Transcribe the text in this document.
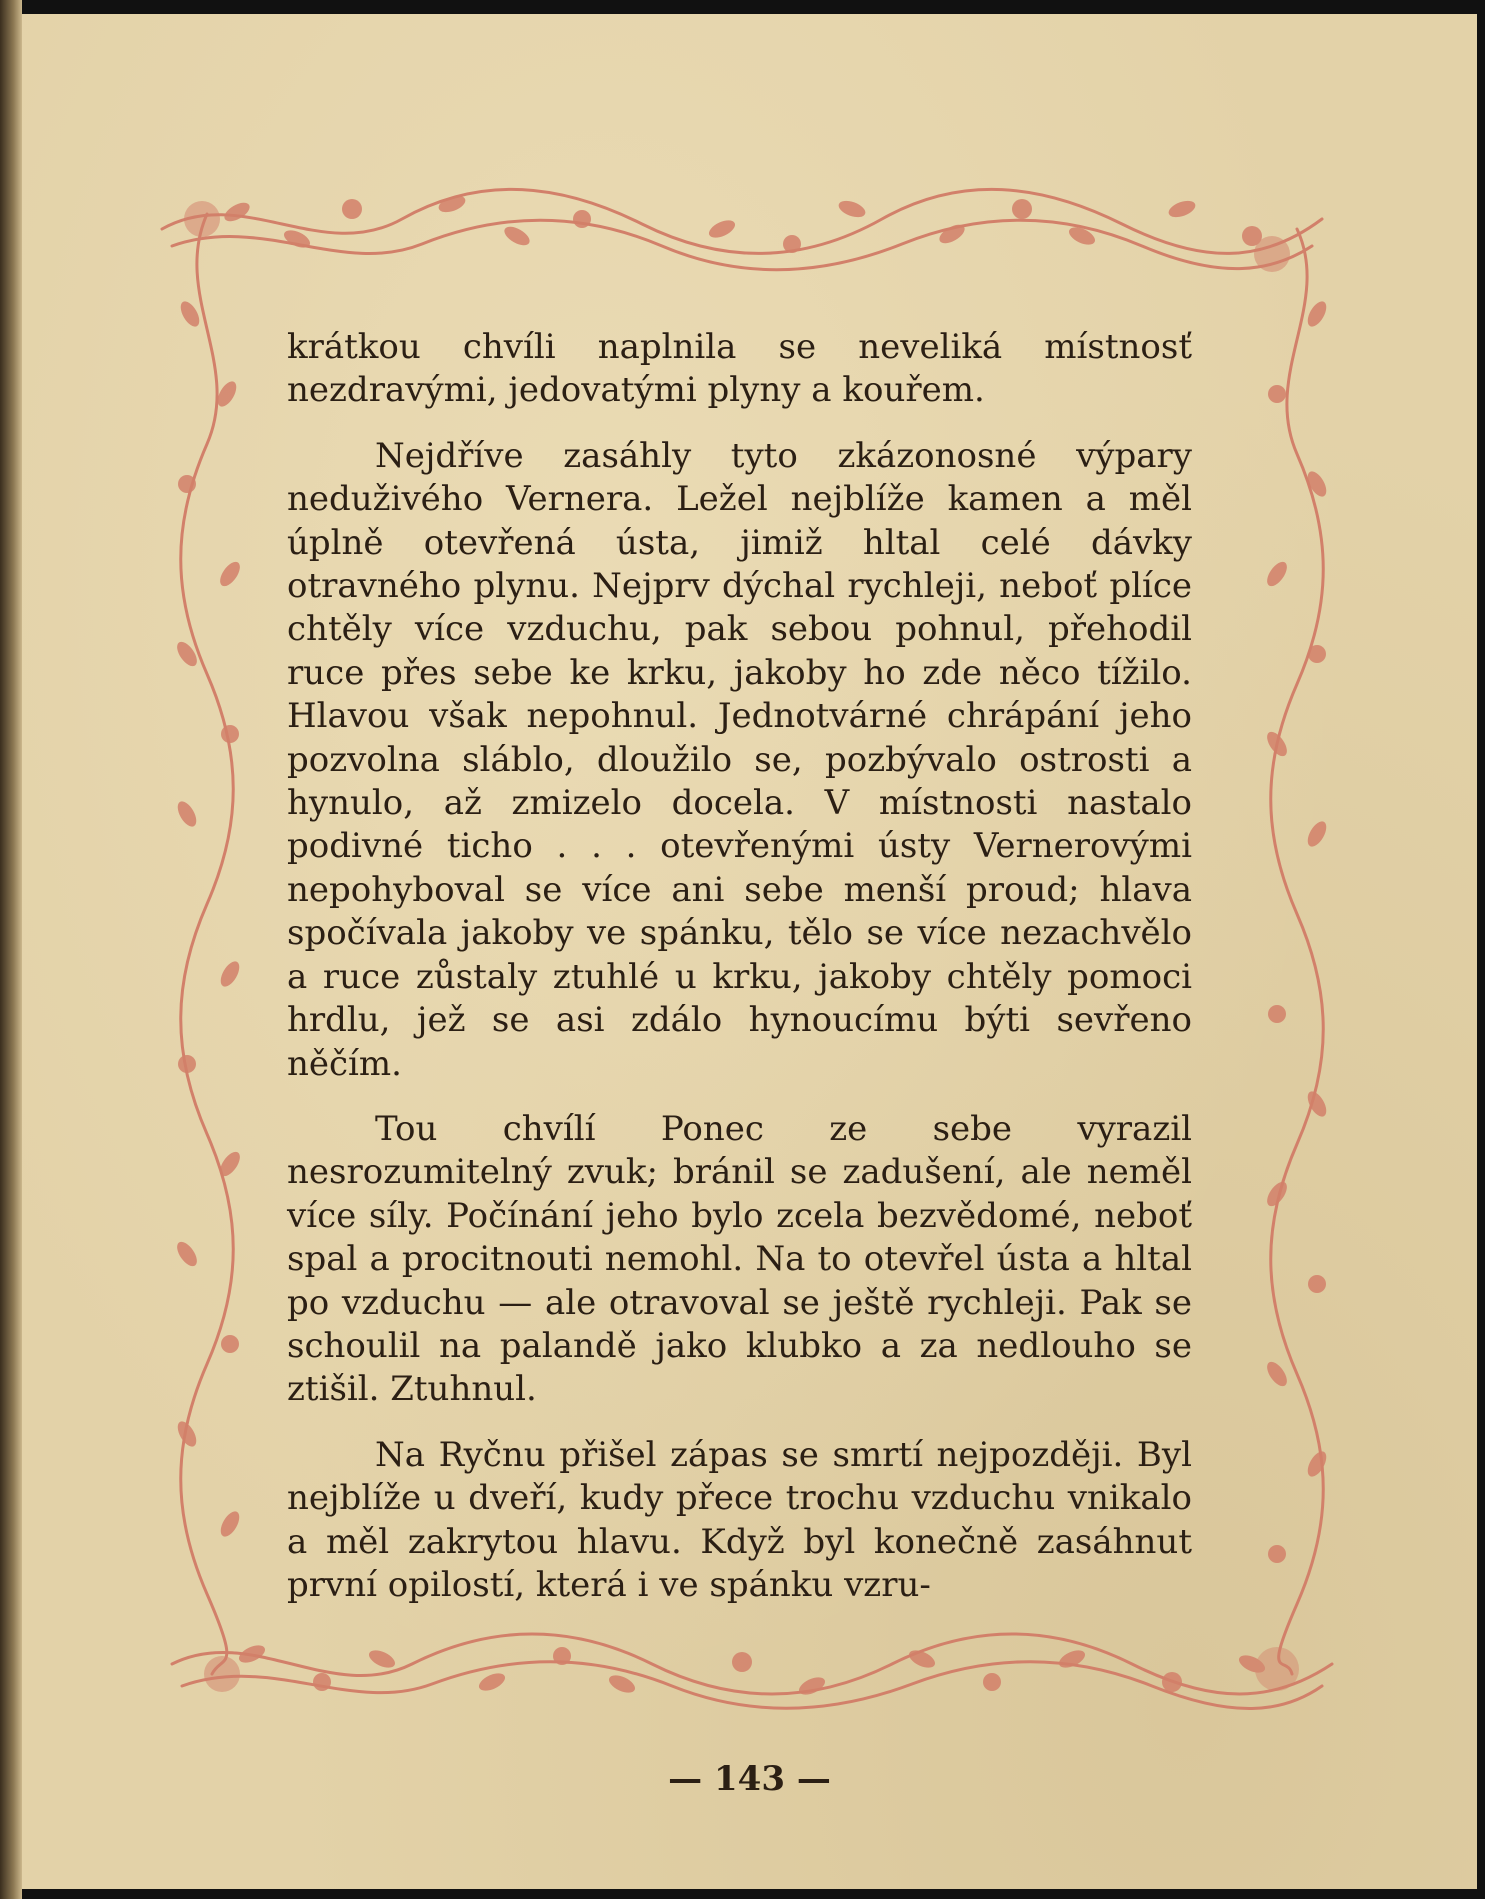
krátkou chvíli naplnila se neveliká místnosť nezdravými, jedovatými plyny a kouřem.

Nejdříve zasáhly tyto zkázonosné výpary neduživého Vernera. Ležel nejblíže kamen a měl úplně otevřená ústa, jimiž hltal celé dávky otravného plynu. Nejprv dýchal rychleji, neboť plíce chtěly více vzduchu, pak sebou pohnul, přehodil ruce přes sebe ke krku, jakoby ho zde něco tížilo. Hlavou však nepohnul. Jednotvárné chrápání jeho pozvolna sláblo, dloužilo se, pozbývalo ostrosti a hynulo, až zmizelo docela. V místnosti nastalo podivné ticho . . . otevřenými ústy Vernerovými nepohyboval se více ani sebe menší proud; hlava spočívala jakoby ve spánku, tělo se více nezachvělo a ruce zůstaly ztuhlé u krku, jakoby chtěly pomoci hrdlu, jež se asi zdálo hynoucímu býti sevřeno něčím.

Tou chvílí Ponec ze sebe vyrazil nesrozumitelný zvuk; bránil se zadušení, ale neměl více síly. Počínání jeho bylo zcela bezvědomé, neboť spal a procitnouti nemohl. Na to otevřel ústa a hltal po vzduchu — ale otravoval se ještě rychleji. Pak se schoulil na palandě jako klubko a za nedlouho se ztišil. Ztuhnul.

Na Ryčnu přišel zápas se smrtí nejpozději. Byl nejblíže u dveří, kudy přece trochu vzduchu vnikalo a měl zakrytou hlavu. Když byl konečně zasáhnut první opilostí, která i ve spánku vzru-

— 143 —
